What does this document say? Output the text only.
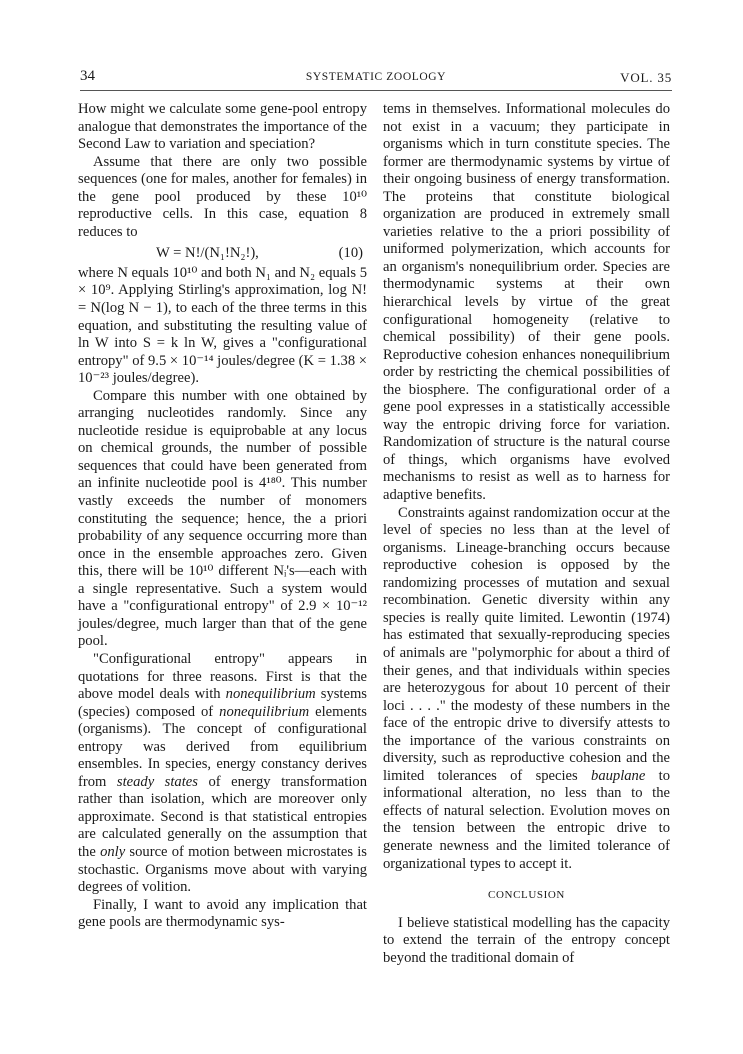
34	SYSTEMATIC ZOOLOGY	VOL. 35

How might we calculate some gene-pool entropy analogue that demonstrates the importance of the Second Law to variation and speciation?

Assume that there are only two possible sequences (one for males, another for females) in the gene pool produced by these 10¹⁰ reproductive cells. In this case, equation 8 reduces to

W = N!/(N₁!N₂!),	(10)

where N equals 10¹⁰ and both N₁ and N₂ equals 5 × 10⁹. Applying Stirling's approximation, log N! = N(log N − 1), to each of the three terms in this equation, and substituting the resulting value of ln W into S = k ln W, gives a "configurational entropy" of 9.5 × 10⁻¹⁴ joules/degree (K = 1.38 × 10⁻²³ joules/degree).

Compare this number with one obtained by arranging nucleotides randomly. Since any nucleotide residue is equiprobable at any locus on chemical grounds, the number of possible sequences that could have been generated from an infinite nucleotide pool is 4¹⁸⁰. This number vastly exceeds the number of monomers constituting the sequence; hence, the a priori probability of any sequence occurring more than once in the ensemble approaches zero. Given this, there will be 10¹⁰ different Nᵢ's—each with a single representative. Such a system would have a "configurational entropy" of 2.9 × 10⁻¹² joules/degree, much larger than that of the gene pool.

"Configurational entropy" appears in quotations for three reasons. First is that the above model deals with nonequilibrium systems (species) composed of nonequilibrium elements (organisms). The concept of configurational entropy was derived from equilibrium ensembles. In species, energy constancy derives from steady states of energy transformation rather than isolation, which are moreover only approximate. Second is that statistical entropies are calculated generally on the assumption that the only source of motion between microstates is stochastic. Organisms move about with varying degrees of volition.

Finally, I want to avoid any implication that gene pools are thermodynamic sys-

tems in themselves. Informational molecules do not exist in a vacuum; they participate in organisms which in turn constitute species. The former are thermodynamic systems by virtue of their ongoing business of energy transformation. The proteins that constitute biological organization are produced in extremely small varieties relative to the a priori possibility of uniformed polymerization, which accounts for an organism's nonequilibrium order. Species are thermodynamic systems at their own hierarchical levels by virtue of the great configurational homogeneity (relative to chemical possibility) of their gene pools. Reproductive cohesion enhances nonequilibrium order by restricting the chemical possibilities of the biosphere. The configurational order of a gene pool expresses in a statistically accessible way the entropic driving force for variation. Randomization of structure is the natural course of things, which organisms have evolved mechanisms to resist as well as to harness for adaptive benefits.

Constraints against randomization occur at the level of species no less than at the level of organisms. Lineage-branching occurs because reproductive cohesion is opposed by the randomizing processes of mutation and sexual recombination. Genetic diversity within any species is really quite limited. Lewontin (1974) has estimated that sexually-reproducing species of animals are "polymorphic for about a third of their genes, and that individuals within species are heterozygous for about 10 percent of their loci . . . ." the modesty of these numbers in the face of the entropic drive to diversify attests to the importance of the various constraints on diversity, such as reproductive cohesion and the limited tolerances of species bauplane to informational alteration, no less than to the effects of natural selection. Evolution moves on the tension between the entropic drive to generate newness and the limited tolerance of organizational types to accept it.

CONCLUSION

I believe statistical modelling has the capacity to extend the terrain of the entropy concept beyond the traditional domain of
